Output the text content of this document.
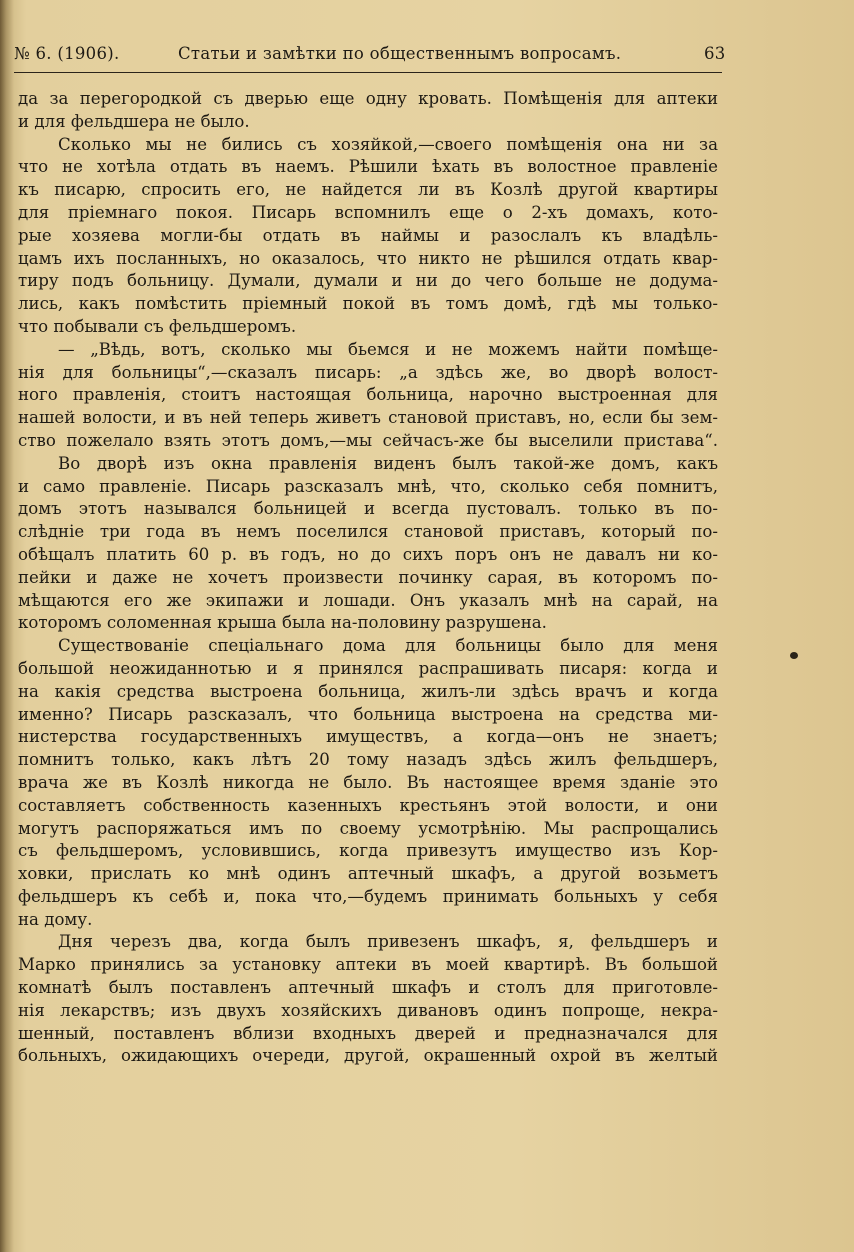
№ 6. (1906).	Статьи и замѣтки по общественнымъ вопросамъ.	63
да за перегородкой съ дверью еще одну кровать. Помѣщенія для аптеки
и для фельдшера не было.
Сколько мы не бились съ хозяйкой,—своего помѣщенія она ни за
что не хотѣла отдать въ наемъ. Рѣшили ѣхать въ волостное правленіе
къ писарю, спросить его, не найдется ли въ Козлѣ другой квартиры
для пріемнаго покоя. Писарь вспомнилъ еще о 2-хъ домахъ, кото-
рые хозяева могли-бы отдать въ наймы и разослалъ къ владѣль-
цамъ ихъ посланныхъ, но оказалось, что никто не рѣшился отдать квар-
тиру подъ больницу. Думали, думали и ни до чего больше не додума-
лись, какъ помѣстить пріемный покой въ томъ домѣ, гдѣ мы только-
что побывали съ фельдшеромъ.
— „Вѣдь, вотъ, сколько мы бьемся и не можемъ найти помѣще-
нія для больницы“,—сказалъ писарь: „а здѣсь же, во дворѣ волост-
ного правленія, стоитъ настоящая больница, нарочно выстроенная для
нашей волости, и въ ней теперь живетъ становой приставъ, но, если бы зем-
ство пожелало взять этотъ домъ,—мы сейчасъ-же бы выселили пристава“.
Во дворѣ изъ окна правленія виденъ былъ такой-же домъ, какъ
и само правленіе. Писарь разсказалъ мнѣ, что, сколько себя помнитъ,
домъ этотъ назывался больницей и всегда пустовалъ. только въ по-
слѣдніе три года въ немъ поселился становой приставъ, который по-
обѣщалъ платить 60 р. въ годъ, но до сихъ поръ онъ не давалъ ни ко-
пейки и даже не хочетъ произвести починку сарая, въ которомъ по-
мѣщаются его же экипажи и лошади. Онъ указалъ мнѣ на сарай, на
которомъ соломенная крыша была на-половину разрушена.
Существованіе спеціальнаго дома для больницы было для меня
большой неожиданнотью и я принялся распрашивать писаря: когда и
на какія средства выстроена больница, жилъ-ли здѣсь врачъ и когда
именно? Писарь разсказалъ, что больница выстроена на средства ми-
нистерства государственныхъ имуществъ, а когда—онъ не знаетъ;
помнитъ только, какъ лѣтъ 20 тому назадъ здѣсь жилъ фельдшеръ,
врача же въ Козлѣ никогда не было. Въ настоящее время зданіе это
составляетъ собственность казенныхъ крестьянъ этой волости, и они
могутъ распоряжаться имъ по своему усмотрѣнію. Мы распрощались
съ фельдшеромъ, условившись, когда привезутъ имущество изъ Кор-
ховки, прислать ко мнѣ одинъ аптечный шкафъ, а другой возьметъ
фельдшеръ къ себѣ и, пока что,—будемъ принимать больныхъ у себя
на дому.
Дня черезъ два, когда былъ привезенъ шкафъ, я, фельдшеръ и
Марко принялись за установку аптеки въ моей квартирѣ. Въ большой
комнатѣ былъ поставленъ аптечный шкафъ и столъ для приготовле-
нія лекарствъ; изъ двухъ хозяйскихъ дивановъ одинъ попроще, некра-
шенный, поставленъ вблизи входныхъ дверей и предназначался для
больныхъ, ожидающихъ очереди, другой, окрашенный охрой въ желтый
